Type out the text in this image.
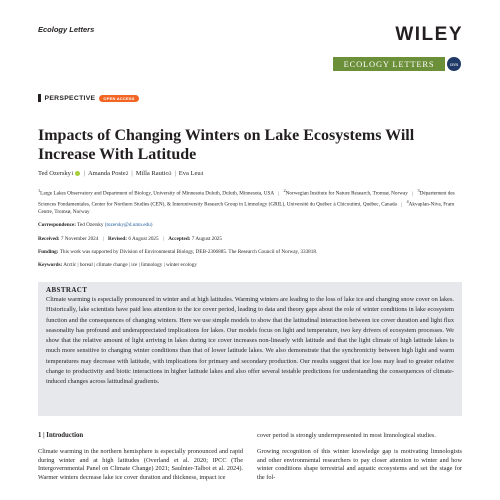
Ecology Letters	WILEY
ECOLOGY LETTERS	cnrs
PERSPECTIVE	OPEN ACCESS
Impacts of Changing Winters on Lake Ecosystems Will Increase With Latitude
Ted Ozersky 1 | Amanda Poste 2 | Milla Rautio 3 | Eva Leu 4
$^1$Large Lakes Observatory and Department of Biology, University of Minnesota Duluth, Duluth, Minnesota, USA | $^2$Norwegian Institute for Nature Research, Tromsø, Norway | $^3$Département des Sciences Fondamentales, Center for Northern Studies (CEN), & Interuniversity Research Group in Limnology (GRIL), Université du Québec à Chicoutimi, Québec, Canada | $^4$Akvaplan-Niva, Fram Centre, Tromsø, Norway
Correspondence: Ted Ozersky (tozersky@d.umn.edu)
Received: 7 November 2024 | Revised: 6 August 2025 | Accepted: 7 August 2025
Funding: This work was supported by Division of Environmental Biology, DEB-2306885. The Research Council of Norway, 333818.
Keywords: Arctic | boreal | climate change | ice | limnology | winter ecology
ABSTRACT

Climate warming is especially pronounced in winter and at high latitudes. Warming winters are leading to the loss of lake ice and changing snow cover on lakes. Historically, lake scientists have paid less attention to the ice cover period, leading to data and theory gaps about the role of winter conditions in lake ecosystem function and the consequences of changing winters. Here we use simple models to show that the latitudinal interaction between ice cover duration and light flux seasonality has profound and underappreciated implications for lakes. Our models focus on light and temperature, two key drivers of ecosystem processes. We show that the relative amount of light arriving in lakes during ice cover increases non-linearly with latitude and that the light climate of high latitude lakes is much more sensitive to changing winter conditions than that of lower latitude lakes. We also demonstrate that the synchronicity between high light and warm temperatures may decrease with latitude, with implications for primary and secondary production. Our results suggest that ice loss may lead to greater relative change to productivity and biotic interactions in higher latitude lakes and also offer several testable predictions for understanding the consequences of climate-induced changes across latitudinal gradients.

1 | Introduction

Climate warming in the northern hemisphere is especially pronounced and rapid during winter and at high latitudes (Overland et al. 2020; IPCC (The Intergovernmental Panel on Climate Change) 2021; Saulnier-Talbot et al. 2024). Warmer winters decrease lake ice cover duration and thickness, impact ice

cover period is strongly underrepresented in most limnological studies.

Growing recognition of this winter knowledge gap is motivating limnologists and other environmental researchers to pay closer attention to winter and how winter conditions shape terrestrial and aquatic ecosystems and set the stage for the fol-
